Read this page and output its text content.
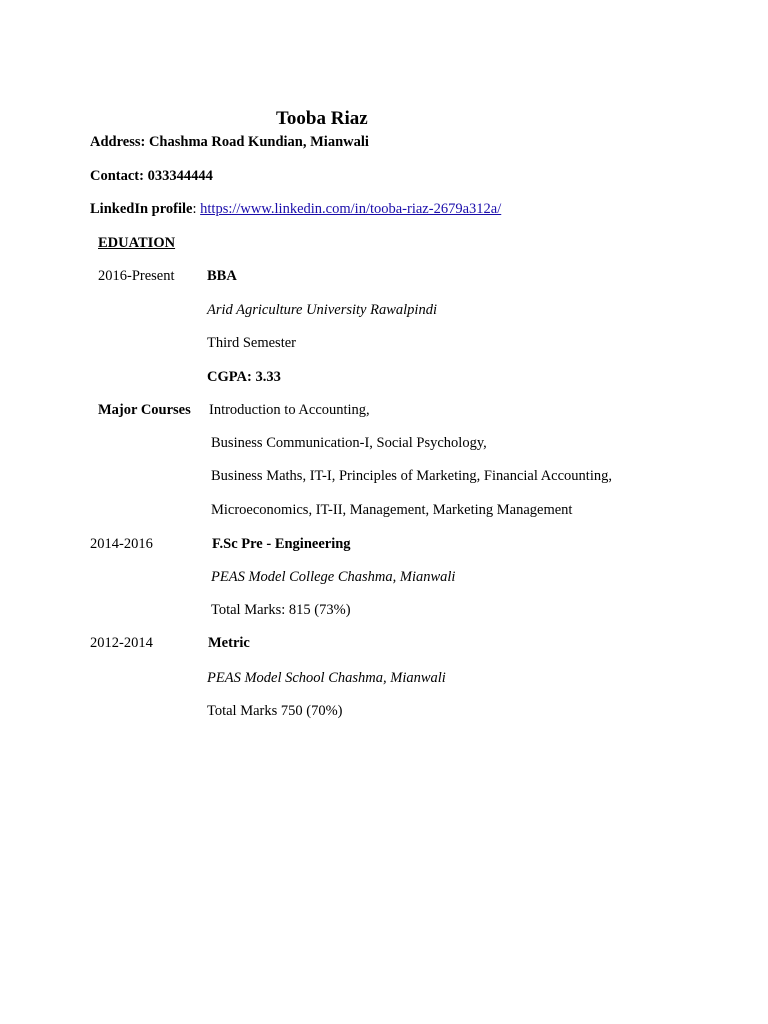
Tooba Riaz
Address: Chashma Road Kundian, Mianwali
Contact: 033344444
LinkedIn profile: https://www.linkedin.com/in/tooba-riaz-2679a312a/
EDUATION
2016-Present BBA
Arid Agriculture University Rawalpindi
Third Semester
CGPA: 3.33
Major Courses Introduction to Accounting,
Business Communication-I, Social Psychology,
Business Maths, IT-I, Principles of Marketing, Financial Accounting,
Microeconomics, IT-II, Management, Marketing Management
2014-2016	F.Sc Pre - Engineering
PEAS Model College Chashma, Mianwali
Total Marks: 815 (73%)
2012-2014	Metric
PEAS Model School Chashma, Mianwali
Total Marks 750 (70%)
